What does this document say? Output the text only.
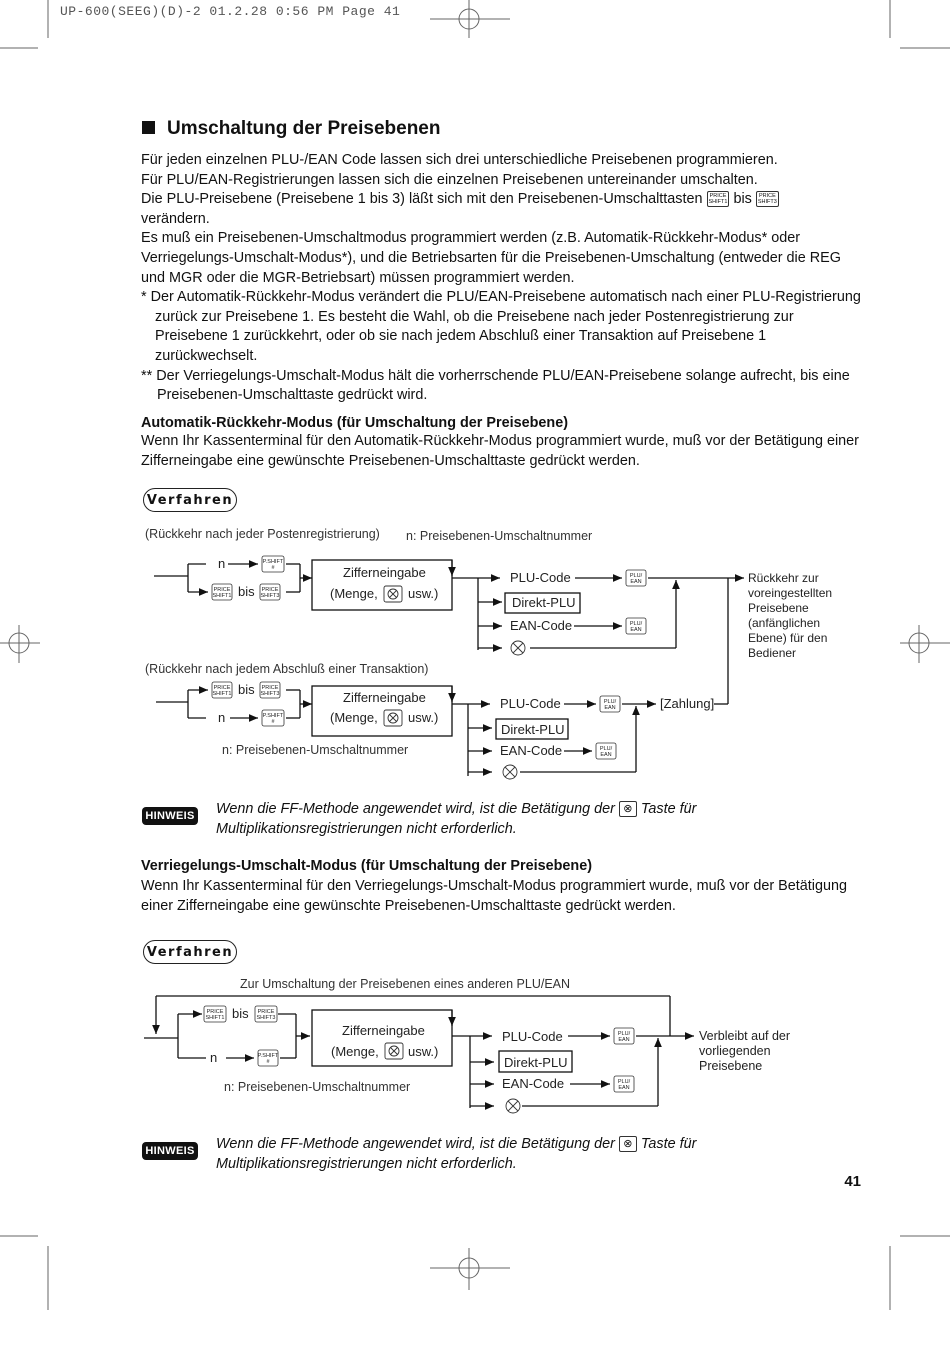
UP-600(SEEG)(D)-2 01.2.28 0:56 PM Page 41
Umschaltung der Preisebenen

Für jeden einzelnen PLU-/EAN Code lassen sich drei unterschiedliche Preisebenen programmieren.

Für PLU/EAN-Registrierungen lassen sich die einzelnen Preisebenen untereinander umschalten.

Die PLU-Preisebene (Preisebene 1 bis 3) läßt sich mit den Preisebenen-Umschalttasten PRICE
SHIFT1 bis PRICE
SHIFT3
verändern.

Es muß ein Preisebenen-Umschaltmodus programmiert werden (z.B. Automatik-Rückkehr-Modus* oder Verriegelungs-Umschalt-Modus*), und die Betriebsarten für die Preisebenen-Umschaltung (entweder die REG und MGR oder die MGR-Betriebsart) müssen programmiert werden.

* Der Automatik-Rückkehr-Modus verändert die PLU/EAN-Preisebene automatisch nach einer PLU-Registrierung zurück zur Preisebene 1. Es besteht die Wahl, ob die Preisebene nach jeder Postenregistrierung zur Preisebene 1 zurückkehrt, oder ob sie nach jedem Abschluß einer Transaktion auf Preisebene 1 zurückwechselt.

** Der Verriegelungs-Umschalt-Modus hält die vorherrschende PLU/EAN-Preisebene solange aufrecht, bis eine Preisebenen-Umschalttaste gedrückt wird.

Automatik-Rückkehr-Modus (für Umschaltung der Preisebene)
Wenn Ihr Kassenterminal für den Automatik-Rückkehr-Modus programmiert wurde, muß vor der Betätigung einer Zifferneingabe eine gewünschte Preisebenen-Umschalttaste gedrückt werden.
Verfahren
(Rückkehr nach jeder Postenregistrierung) n: Preisebenen-Umschaltnummer
P.SHIFT
#
PRICE
SHIFT1
PRICE
SHIFT3
PLU/
EAN
PLU/
EAN
n
bis
Zifferneingabe
(Menge, usw.)
PLU-Code
Direkt-PLU
EAN-Code
Rückkehr zur
voreingestellten
Preisebene
(anfänglichen
Ebene) für den
Bediener
(Rückkehr nach jedem Abschluß einer Transaktion)
PRICE
SHIFT1
PRICE
SHIFT3
P.SHIFT
#
PLU/
EAN
PLU/
EAN
bis
n
Zifferneingabe
(Menge, usw.)
PLU-Code
Direkt-PLU
EAN-Code
[Zahlung]
n: Preisebenen-Umschaltnummer
HINWEIS Wenn die FF-Methode angewendet wird, ist die Betätigung der ⊗ Taste für Multiplikationsregistrierungen nicht erforderlich.
Verriegelungs-Umschalt-Modus (für Umschaltung der Preisebene)
Wenn Ihr Kassenterminal für den Verriegelungs-Umschalt-Modus programmiert wurde, muß vor der Betätigung einer Zifferneingabe eine gewünschte Preisebenen-Umschalttaste gedrückt werden.
Verfahren
Zur Umschaltung der Preisebenen eines anderen PLU/EAN
PRICE
SHIFT1
PRICE
SHIFT3
P.SHIFT
#
PLU/
EAN
PLU/
EAN
bis
n
Zifferneingabe
(Menge, usw.)
PLU-Code
Direkt-PLU
EAN-Code
n: Preisebenen-Umschaltnummer
Verbleibt auf der
vorliegenden
Preisebene
HINWEIS Wenn die FF-Methode angewendet wird, ist die Betätigung der ⊗ Taste für Multiplikationsregistrierungen nicht erforderlich.
41
